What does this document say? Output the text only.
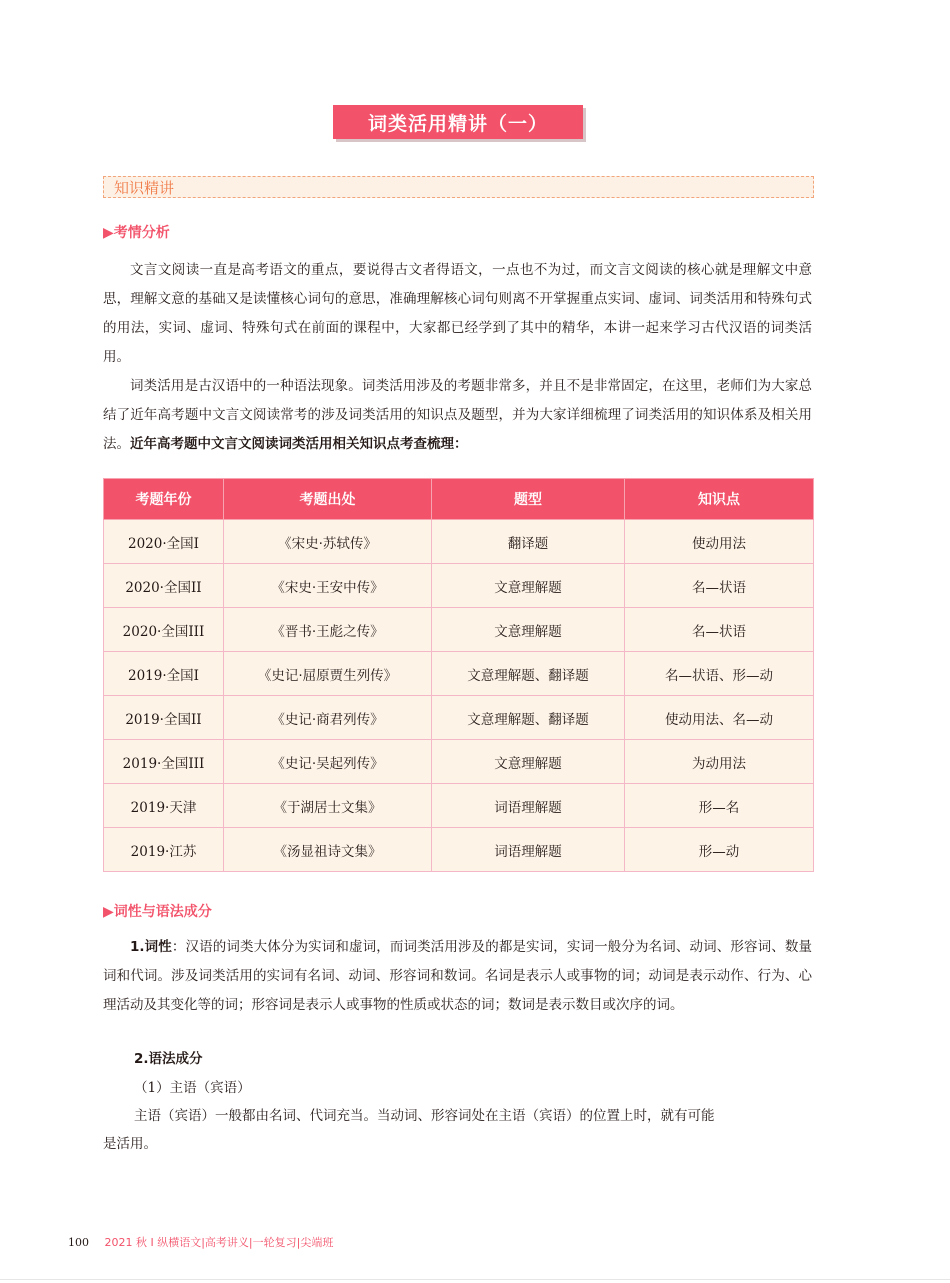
词类活用精讲（一）
知识精讲
▶考情分析

文言文阅读一直是高考语文的重点，要说得古文者得语文，一点也不为过，而文言文阅读的核心就是理解文中意思，理解文意的基础又是读懂核心词句的意思，准确理解核心词句则离不开掌握重点实词、虚词、词类活用和特殊句式的用法，实词、虚词、特殊句式在前面的课程中，大家都已经学到了其中的精华，本讲一起来学习古代汉语的词类活用。

词类活用是古汉语中的一种语法现象。词类活用涉及的考题非常多，并且不是非常固定，在这里，老师们为大家总结了近年高考题中文言文阅读常考的涉及词类活用的知识点及题型，并为大家详细梳理了词类活用的知识体系及相关用法。近年高考题中文言文阅读词类活用相关知识点考查梳理：

考题年份	考题出处	题型	知识点
2020·全国I	《宋史·苏轼传》	翻译题	使动用法
2020·全国II	《宋史·王安中传》	文意理解题	名—状语
2020·全国III	《晋书·王彪之传》	文意理解题	名—状语
2019·全国I	《史记·屈原贾生列传》	文意理解题、翻译题	名—状语、形—动
2019·全国II	《史记·商君列传》	文意理解题、翻译题	使动用法、名—动
2019·全国III	《史记·吴起列传》	文意理解题	为动用法
2019·天津	《于湖居士文集》	词语理解题	形—名
2019·江苏	《汤显祖诗文集》	词语理解题	形—动
▶词性与语法成分

1.词性：汉语的词类大体分为实词和虚词，而词类活用涉及的都是实词，实词一般分为名词、动词、形容词、数量词和代词。涉及词类活用的实词有名词、动词、形容词和数词。名词是表示人或事物的词；动词是表示动作、行为、心理活动及其变化等的词；形容词是表示人或事物的性质或状态的词；数词是表示数目或次序的词。

2.语法成分
（1）主语（宾语）
主语（宾语）一般都由名词、代词充当。当动词、形容词处在主语（宾语）的位置上时，就有可能
是活用。
100 2021 秋 I 纵横语文|高考讲义|一轮复习|尖端班
